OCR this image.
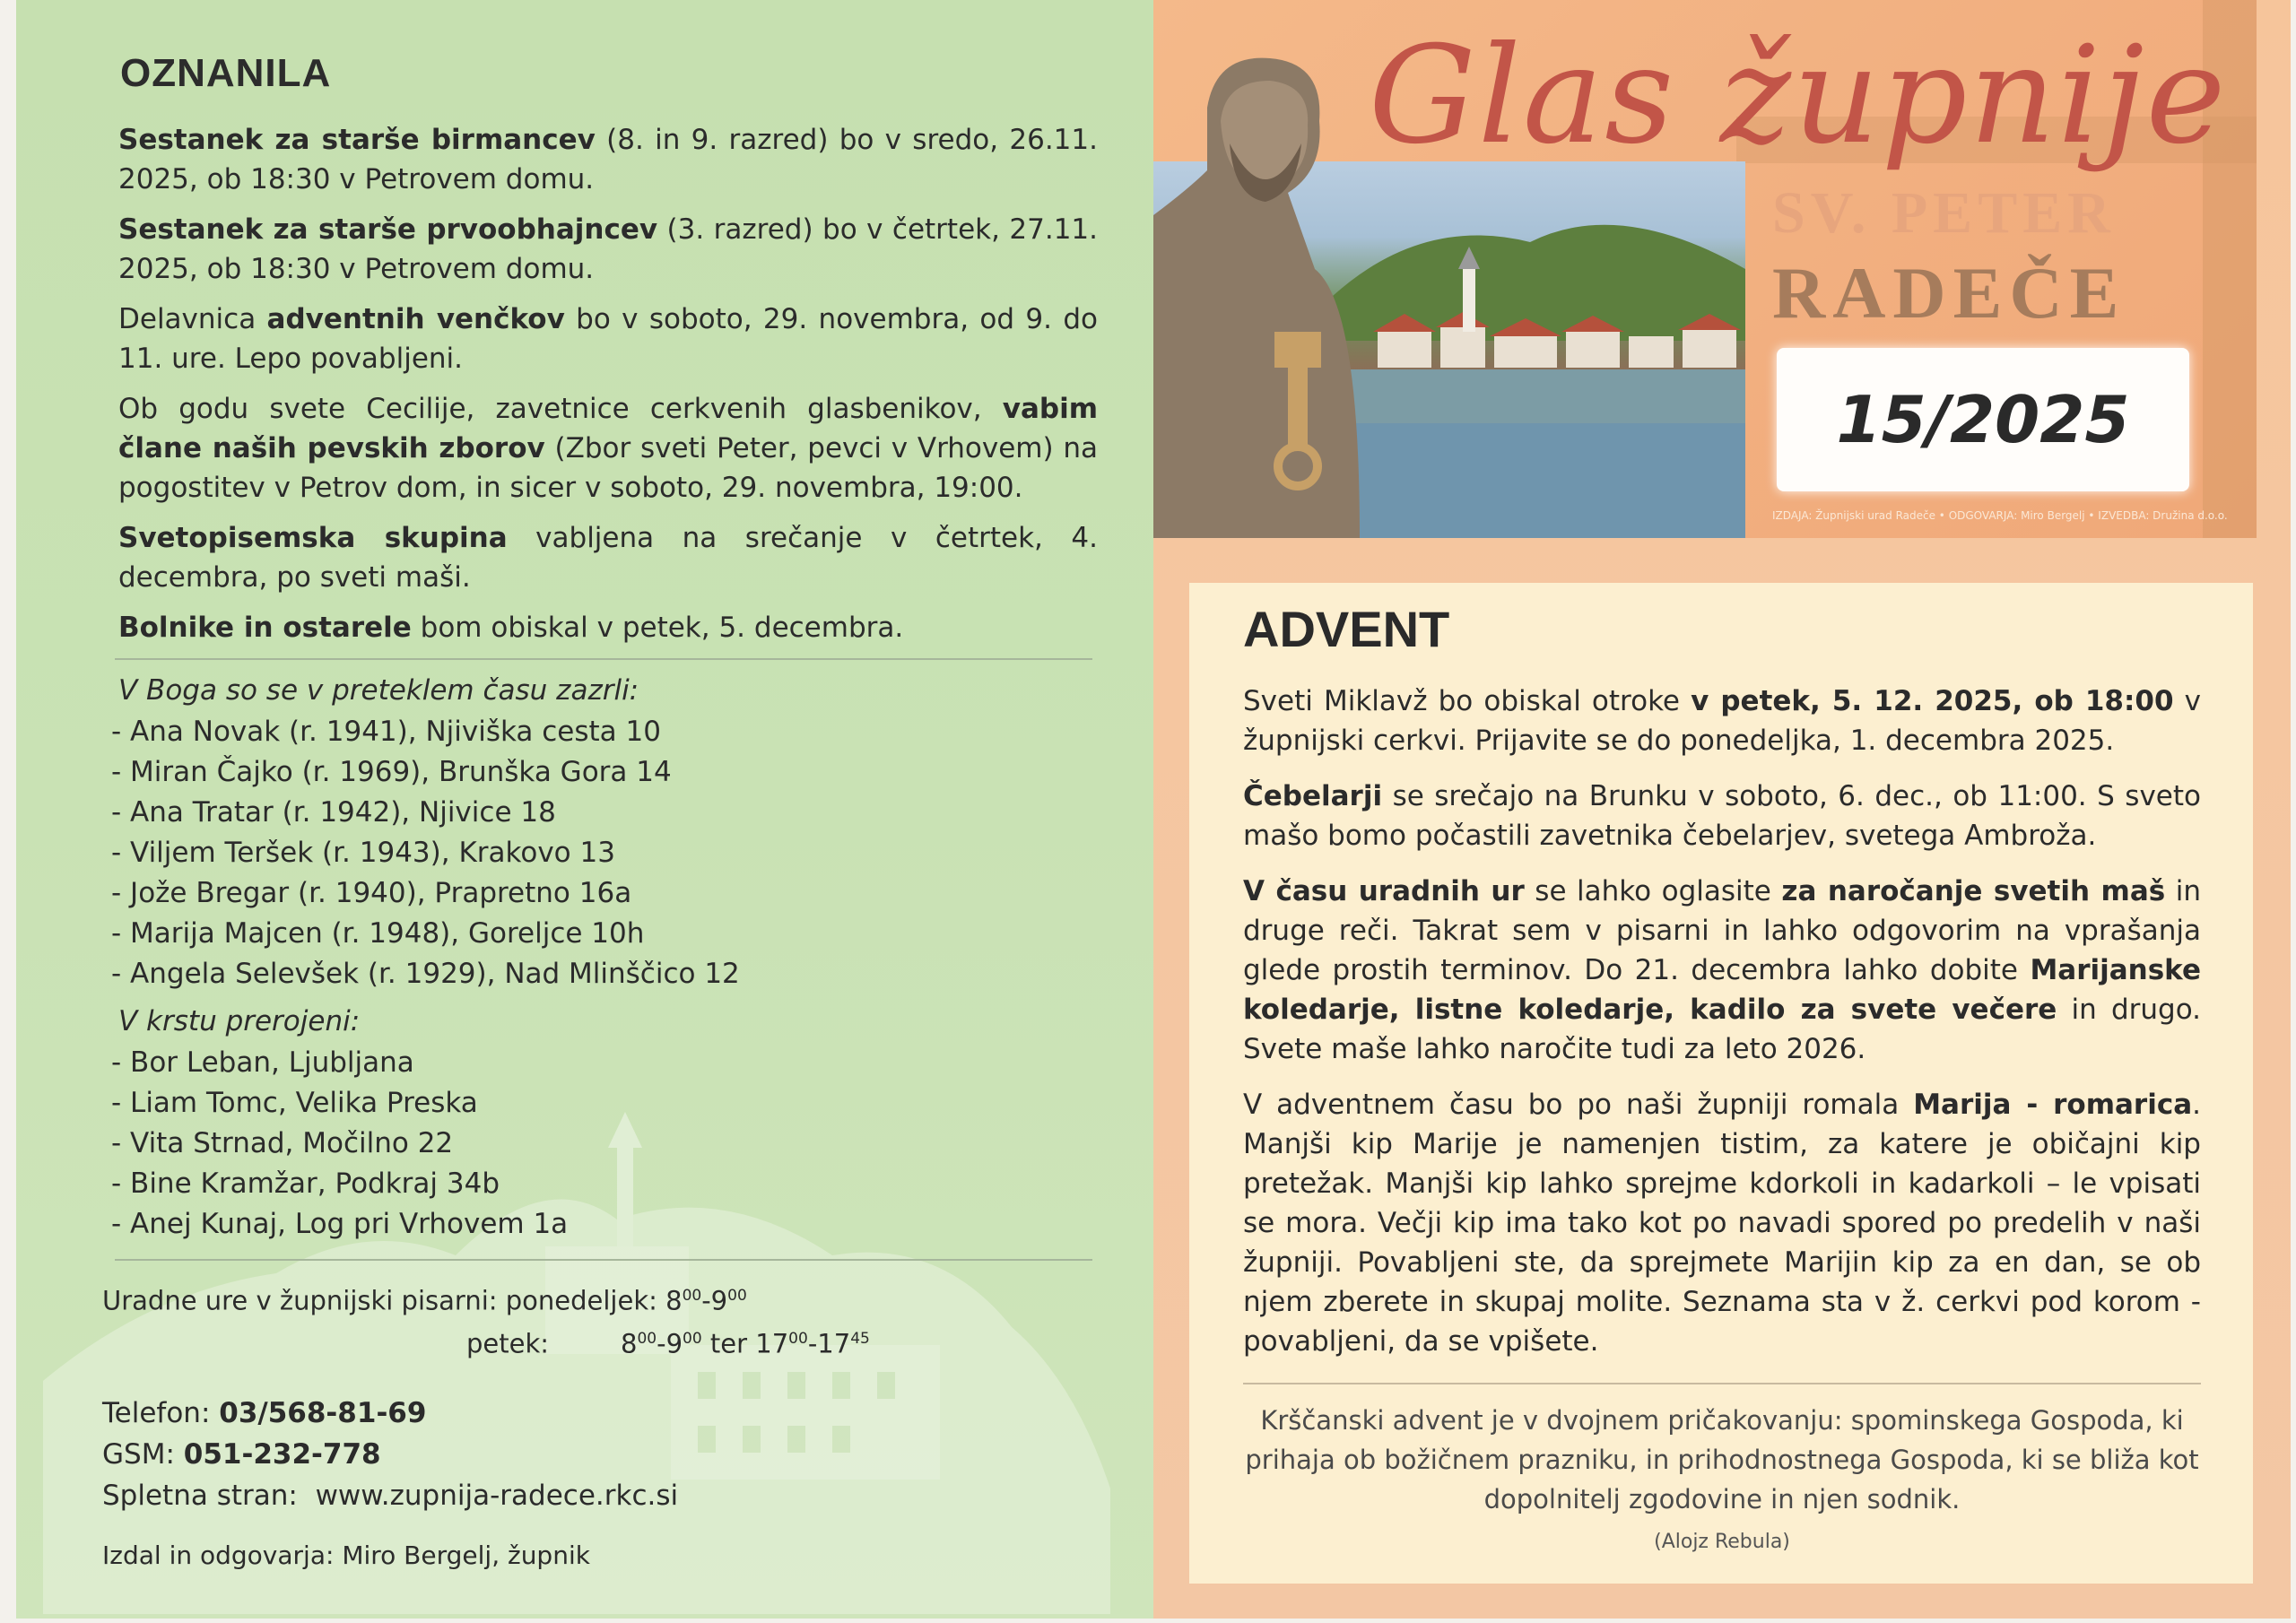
OZNANILA

Sestanek za starše birmancev (8. in 9. razred) bo v sredo, 26.11. 2025, ob 18:30 v Petrovem domu.

Sestanek za starše prvoobhajncev (3. razred) bo v četrtek, 27.11. 2025, ob 18:30 v Petrovem domu.

Delavnica adventnih venčkov bo v soboto, 29. novembra, od 9. do 11. ure. Lepo povabljeni.

Ob godu svete Cecilije, zavetnice cerkvenih glasbenikov, vabim člane naših pevskih zborov (Zbor sveti Peter, pevci v Vrhovem) na pogostitev v Petrov dom, in sicer v soboto, 29. novembra, 19:00.

Svetopisemska skupina vabljena na srečanje v četrtek, 4. decembra, po sveti maši.

Bolnike in ostarele bom obiskal v petek, 5. decembra.

V Boga so se v preteklem času zazrli:
- Ana Novak (r. 1941), Njiviška cesta 10
- Miran Čajko (r. 1969), Brunška Gora 14
- Ana Tratar (r. 1942), Njivice 18
- Viljem Teršek (r. 1943), Krakovo 13
- Jože Bregar (r. 1940), Prapretno 16a
- Marija Majcen (r. 1948), Goreljce 10h
- Angela Selevšek (r. 1929), Nad Mlinščico 12
V krstu prerojeni:
- Bor Leban, Ljubljana
- Liam Tomc, Velika Preska
- Vita Strnad, Močilno 22
- Bine Kramžar, Podkraj 34b
- Anej Kunaj, Log pri Vrhovem 1a
Uradne ure v župnijski pisarni: ponedeljek: $8^{00}-9^{00}$
petek:	$8^{00}-9^{00}$ ter $17^{00}-17^{45}$
Telefon: 03/568-81-69
GSM: 051-232-778
Spletna stran: www.zupnija-radece.rkc.si
Izdal in odgovarja: Miro Bergelj, župnik
Glas župnije
SV. PETER
RADEČE
15/2025
IZDAJA: Župnijski urad Radeče • ODGOVARJA: Miro Bergelj • IZVEDBA: Družina d.o.o.
ADVENT

Sveti Miklavž bo obiskal otroke v petek, 5. 12. 2025, ob 18:00 v župnijski cerkvi. Prijavite se do ponedeljka, 1. decembra 2025.

Čebelarji se srečajo na Brunku v soboto, 6. dec., ob 11:00. S sveto mašo bomo počastili zavetnika čebelarjev, svetega Ambroža.

V času uradnih ur se lahko oglasite za naročanje svetih maš in druge reči. Takrat sem v pisarni in lahko odgovorim na vprašanja glede prostih terminov. Do 21. decembra lahko dobite Marijanske koledarje, listne koledarje, kadilo za svete večere in drugo. Svete maše lahko naročite tudi za leto 2026.

V adventnem času bo po naši župniji romala Marija - romarica. Manjši kip Marije je namenjen tistim, za katere je običajni kip pretežak. Manjši kip lahko sprejme kdorkoli in kadarkoli – le vpisati se mora. Večji kip ima tako kot po navadi spored po predelih v naši župniji. Povabljeni ste, da sprejmete Marijin kip za en dan, se ob njem zberete in skupaj molite. Seznama sta v ž. cerkvi pod korom - povabljeni, da se vpišete.

Krščanski advent je v dvojnem pričakovanju: spominskega Gospoda, ki prihaja ob božičnem prazniku, in prihodnostnega Gospoda, ki se bliža kot dopolnitelj zgodovine in njen sodnik.
(Alojz Rebula)
